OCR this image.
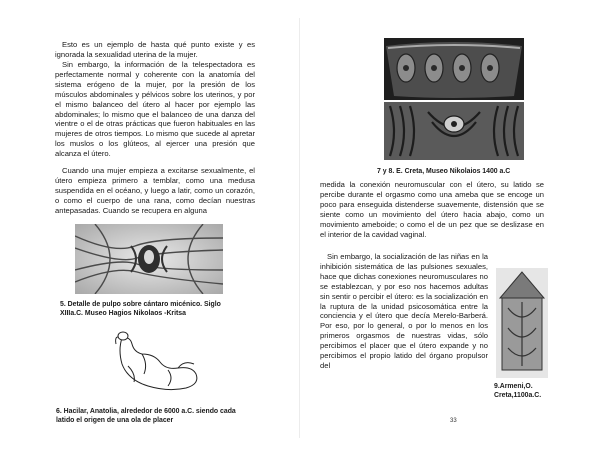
Esto es un ejemplo de hasta qué punto existe y es ignorada la sexualidad uterina de la mujer.

Sin embargo, la información de la telespectadora es perfectamente normal y coherente con la anatomía del sistema erógeno de la mujer, por la presión de los músculos abdominales y pélvicos sobre los uterinos, y por el mismo balanceo del útero al hacer por ejemplo las abdominales; lo mismo que el balanceo de una danza del vientre o el de otras prácticas que fueron habituales en las mujeres de otros tiempos. Lo mismo que sucede al apretar los muslos o los glúteos, al ejercer una presión que alcanza el útero.

Cuando una mujer empieza a excitarse sexualmente, el útero empieza primero a temblar, como una medusa suspendida en el océano, y luego a latir, como un corazón, o como el cuerpo de una rana, como decían nuestras antepasadas. Cuando se recupera en alguna

5. Detalle de pulpo sobre cántaro micénico. Siglo XIIIa.C. Museo Hagios Nikolaos -Kritsa

6. Hacilar, Anatolia, alrededor de 6000 a.C. siendo cada latido el origen de una ola de placer

7 y 8. E. Creta, Museo Nikolaios 1400 a.C

medida la conexión neuromuscular con el útero, su latido se percibe durante el orgasmo como una ameba que se encoge un poco para enseguida distenderse suavemente, distensión que se siente como un movimiento del útero hacia abajo, como un movimiento ameboide; o como el de un pez que se deslizase en el interior de la cavidad vaginal.

Sin embargo, la socialización de las niñas en la inhibición sistemática de las pulsiones sexuales, hace que dichas conexiones neuromusculares no se establezcan, y por eso nos hacemos adultas sin sentir o percibir el útero: es la socialización en la ruptura de la unidad psicosomática entre la conciencia y el útero que decía Merelo-Barberá. Por eso, por lo general, o por lo menos en los primeros orgasmos de nuestras vidas, sólo percibimos el placer que el útero expande y no percibimos el propio latido del órgano propulsor del

9.Armeni,O. Creta,1100a.C.

33
